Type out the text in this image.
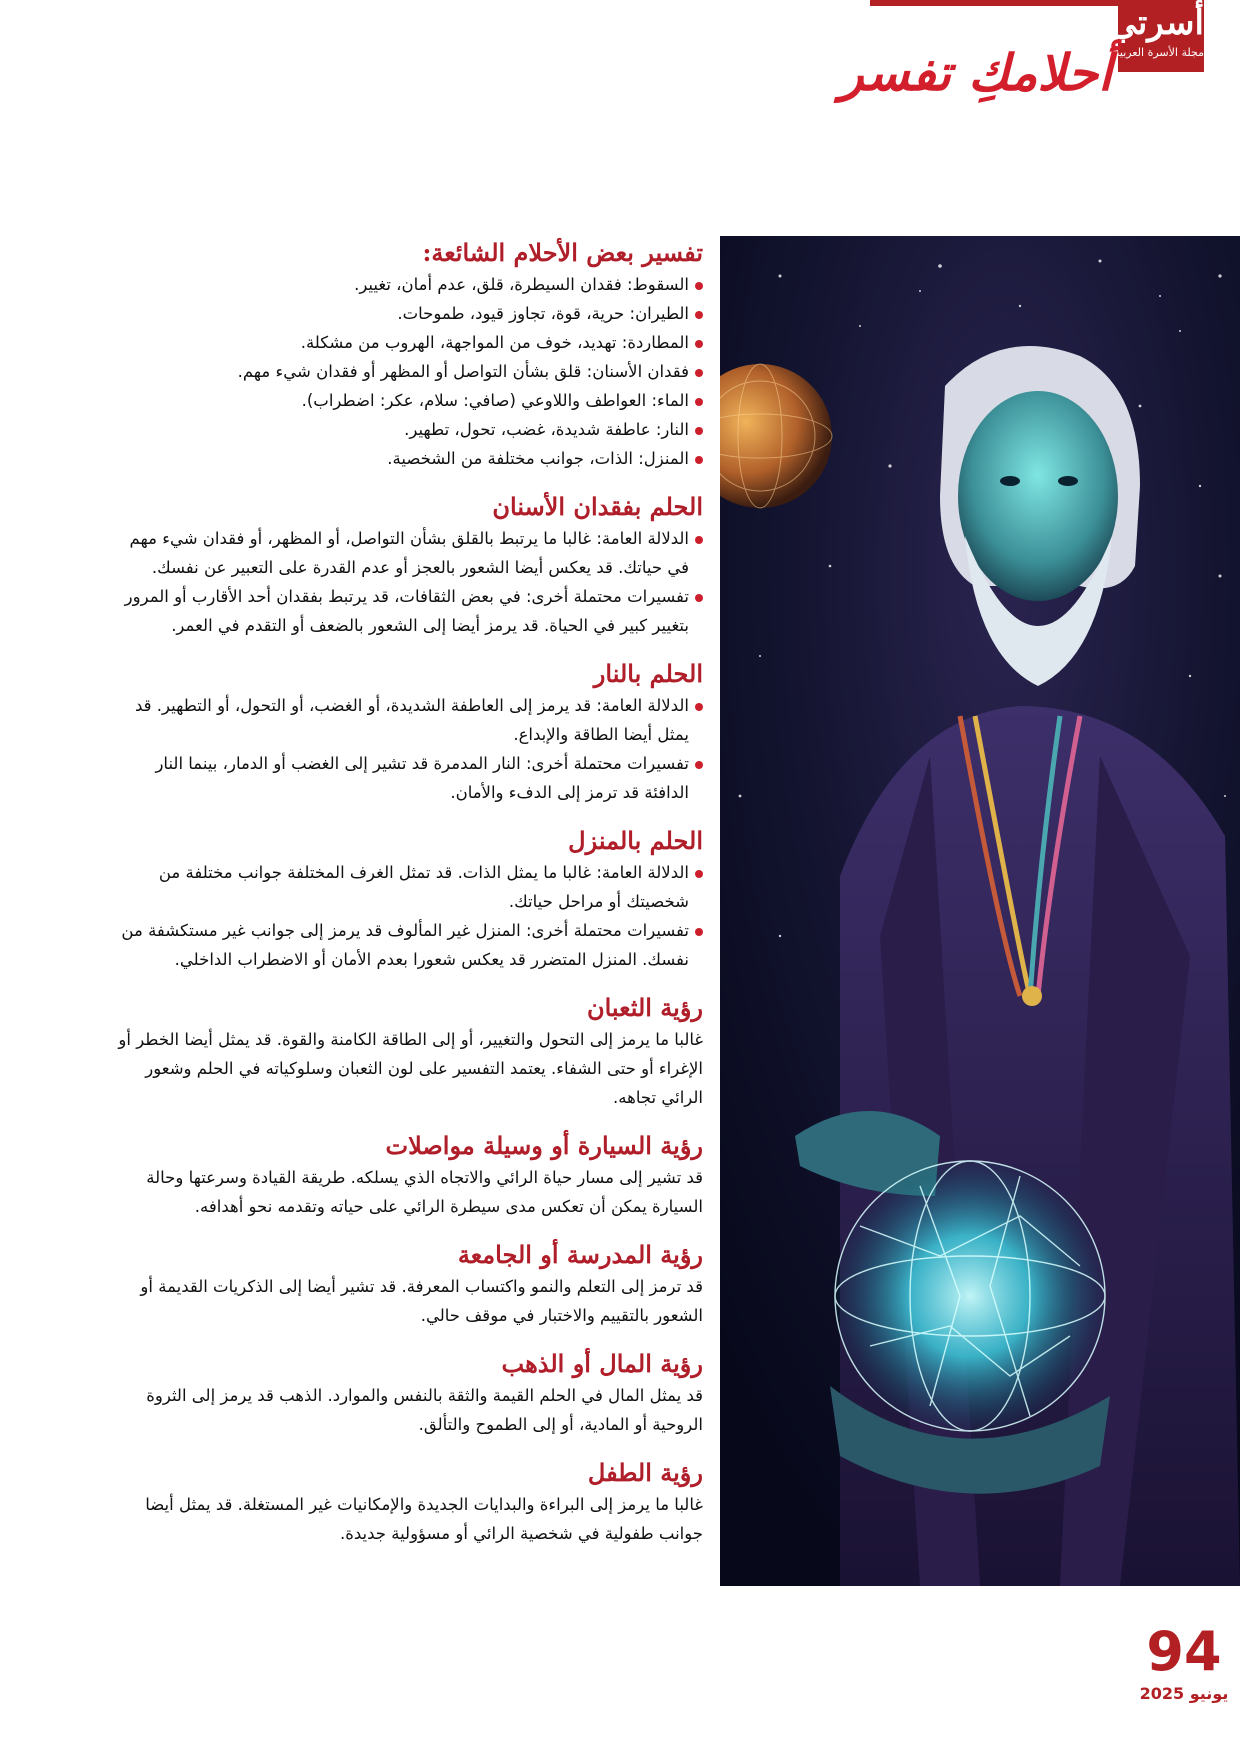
أسرتي
مجلة الأسرة العربية
أحلامكِ تفسر
تفسير بعض الأحلام الشائعة:
السقوط: فقدان السيطرة، قلق، عدم أمان، تغيير.
الطيران: حرية، قوة، تجاوز قيود، طموحات.
المطاردة: تهديد، خوف من المواجهة، الهروب من مشكلة.
فقدان الأسنان: قلق بشأن التواصل أو المظهر أو فقدان شيء مهم.
الماء: العواطف واللاوعي (صافي: سلام، عكر: اضطراب).
النار: عاطفة شديدة، غضب، تحول، تطهير.
المنزل: الذات، جوانب مختلفة من الشخصية.
الحلم بفقدان الأسنان
الدلالة العامة: غالبا ما يرتبط بالقلق بشأن التواصل، أو المظهر، أو فقدان شيء مهم في حياتك. قد يعكس أيضا الشعور بالعجز أو عدم القدرة على التعبير عن نفسك.
تفسيرات محتملة أخرى: في بعض الثقافات، قد يرتبط بفقدان أحد الأقارب أو المرور بتغيير كبير في الحياة. قد يرمز أيضا إلى الشعور بالضعف أو التقدم في العمر.
الحلم بالنار
الدلالة العامة: قد يرمز إلى العاطفة الشديدة، أو الغضب، أو التحول، أو التطهير. قد يمثل أيضا الطاقة والإبداع.
تفسيرات محتملة أخرى: النار المدمرة قد تشير إلى الغضب أو الدمار، بينما النار الدافئة قد ترمز إلى الدفء والأمان.
الحلم بالمنزل
الدلالة العامة: غالبا ما يمثل الذات. قد تمثل الغرف المختلفة جوانب مختلفة من شخصيتك أو مراحل حياتك.
تفسيرات محتملة أخرى: المنزل غير المألوف قد يرمز إلى جوانب غير مستكشفة من نفسك. المنزل المتضرر قد يعكس شعورا بعدم الأمان أو الاضطراب الداخلي.
رؤية الثعبان
غالبا ما يرمز إلى التحول والتغيير، أو إلى الطاقة الكامنة والقوة. قد يمثل أيضا الخطر أو الإغراء أو حتى الشفاء. يعتمد التفسير على لون الثعبان وسلوكياته في الحلم وشعور الرائي تجاهه.
رؤية السيارة أو وسيلة مواصلات
قد تشير إلى مسار حياة الرائي والاتجاه الذي يسلكه. طريقة القيادة وسرعتها وحالة السيارة يمكن أن تعكس مدى سيطرة الرائي على حياته وتقدمه نحو أهدافه.
رؤية المدرسة أو الجامعة
قد ترمز إلى التعلم والنمو واكتساب المعرفة. قد تشير أيضا إلى الذكريات القديمة أو الشعور بالتقييم والاختبار في موقف حالي.
رؤية المال أو الذهب
قد يمثل المال في الحلم القيمة والثقة بالنفس والموارد. الذهب قد يرمز إلى الثروة الروحية أو المادية، أو إلى الطموح والتألق.
رؤية الطفل
غالبا ما يرمز إلى البراءة والبدايات الجديدة والإمكانيات غير المستغلة. قد يمثل أيضا جوانب طفولية في شخصية الرائي أو مسؤولية جديدة.
94
يونيو 2025
